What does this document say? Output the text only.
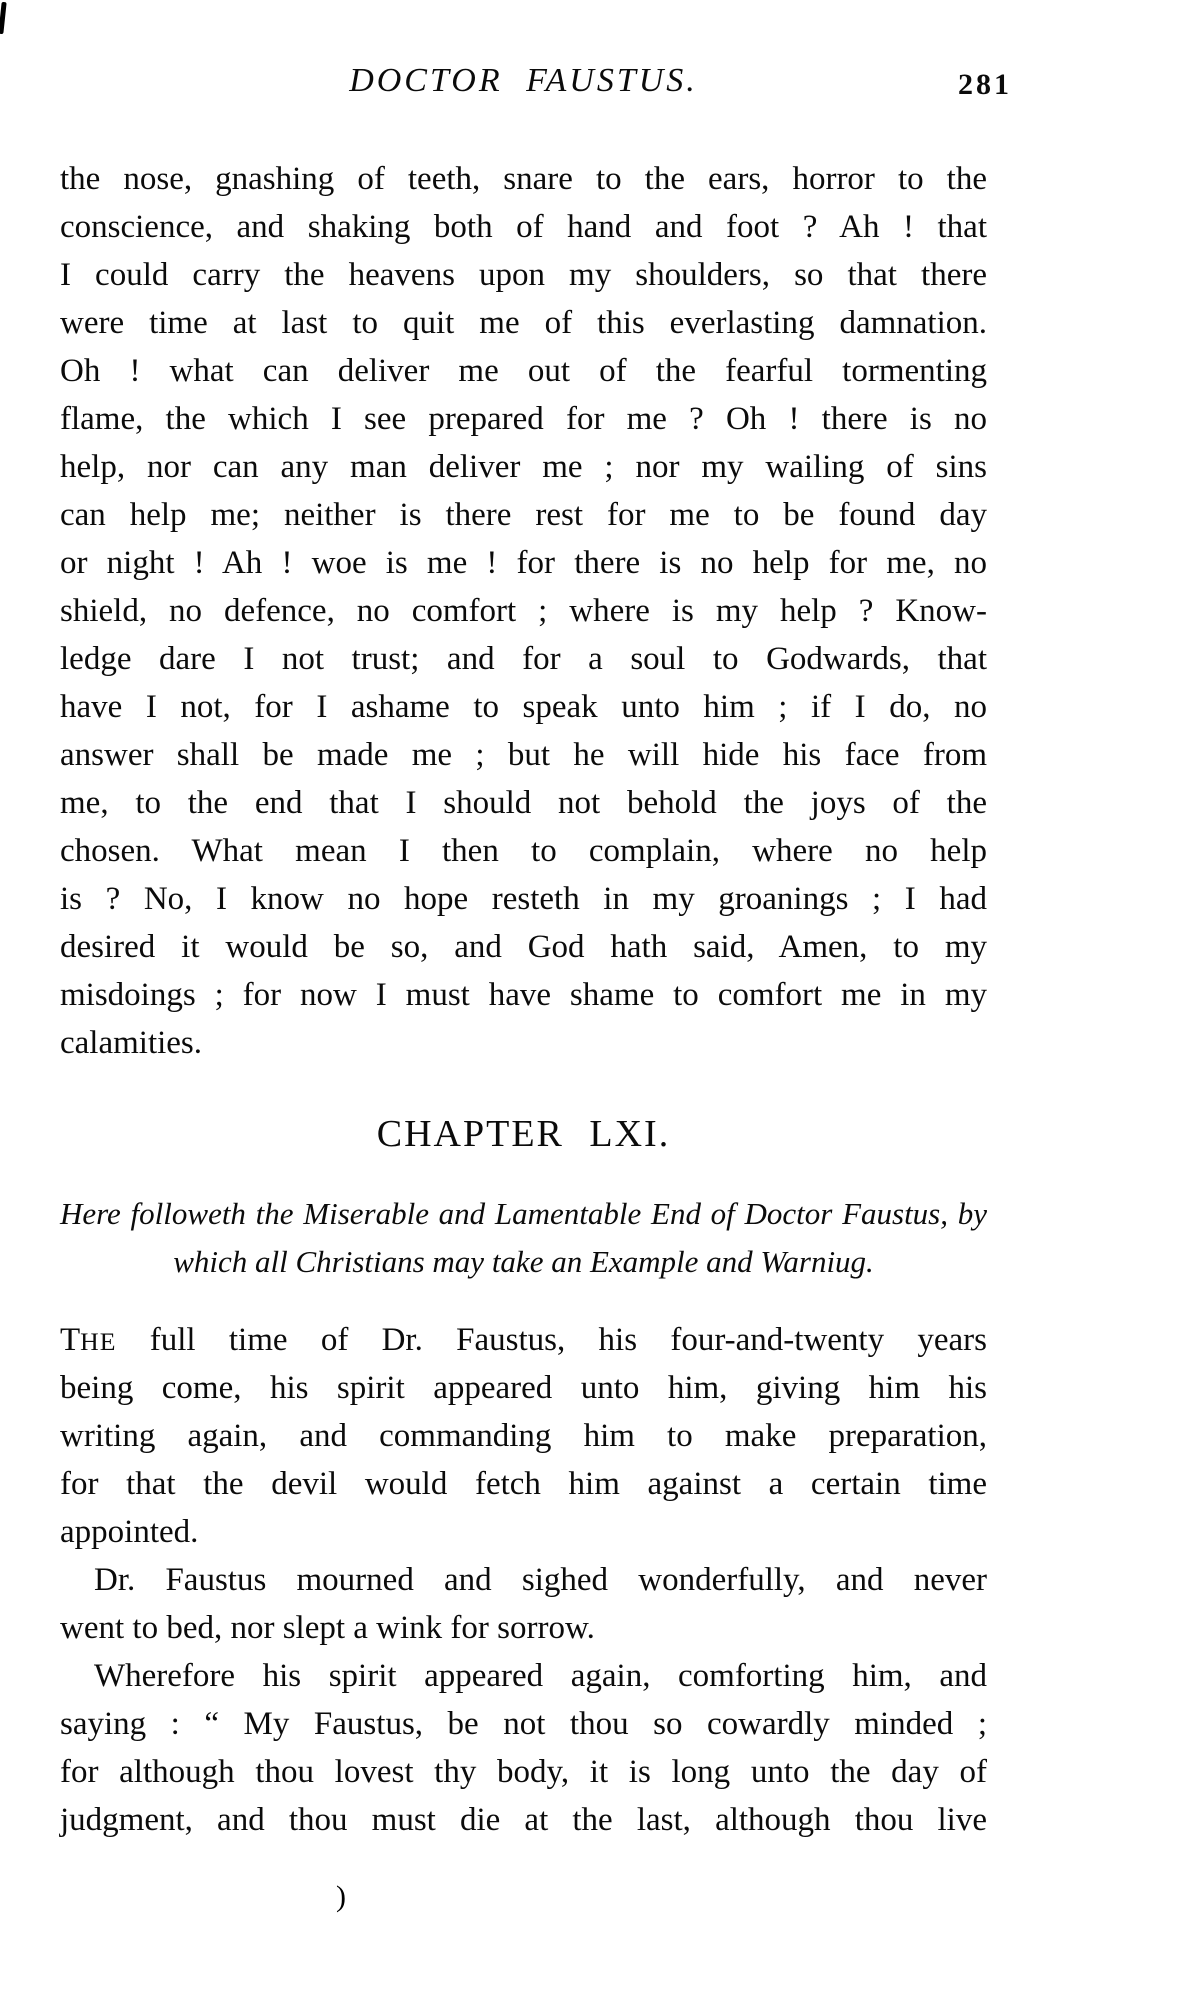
DOCTOR FAUSTUS.	281
the nose, gnashing of teeth, snare to the ears, horror to the
conscience, and shaking both of hand and foot ? Ah ! that
I could carry the heavens upon my shoulders, so that there
were time at last to quit me of this everlasting damnation.
Oh ! what can deliver me out of the fearful tormenting
flame, the which I see prepared for me ? Oh ! there is no
help, nor can any man deliver me ; nor my wailing of sins
can help me; neither is there rest for me to be found day
or night ! Ah ! woe is me ! for there is no help for me, no
shield, no defence, no comfort ; where is my help ? Know-
ledge dare I not trust; and for a soul to Godwards, that
have I not, for I ashame to speak unto him ; if I do, no
answer shall be made me ; but he will hide his face from
me, to the end that I should not behold the joys of the
chosen. What mean I then to complain, where no help
is ? No, I know no hope resteth in my groanings ; I had
desired it would be so, and God hath said, Amen, to my
misdoings ; for now I must have shame to comfort me in my
calamities.
CHAPTER LXI.
Here followeth the Miserable and Lamentable End of Doctor Faustus, by
which all Christians may take an Example and Warniug.
THE full time of Dr. Faustus, his four-and-twenty years
being come, his spirit appeared unto him, giving him his
writing again, and commanding him to make preparation,
for that the devil would fetch him against a certain time
appointed.
Dr. Faustus mourned and sighed wonderfully, and never
went to bed, nor slept a wink for sorrow.
Wherefore his spirit appeared again, comforting him, and
saying : “ My Faustus, be not thou so cowardly minded ;
for although thou lovest thy body, it is long unto the day of
judgment, and thou must die at the last, although thou live
)
